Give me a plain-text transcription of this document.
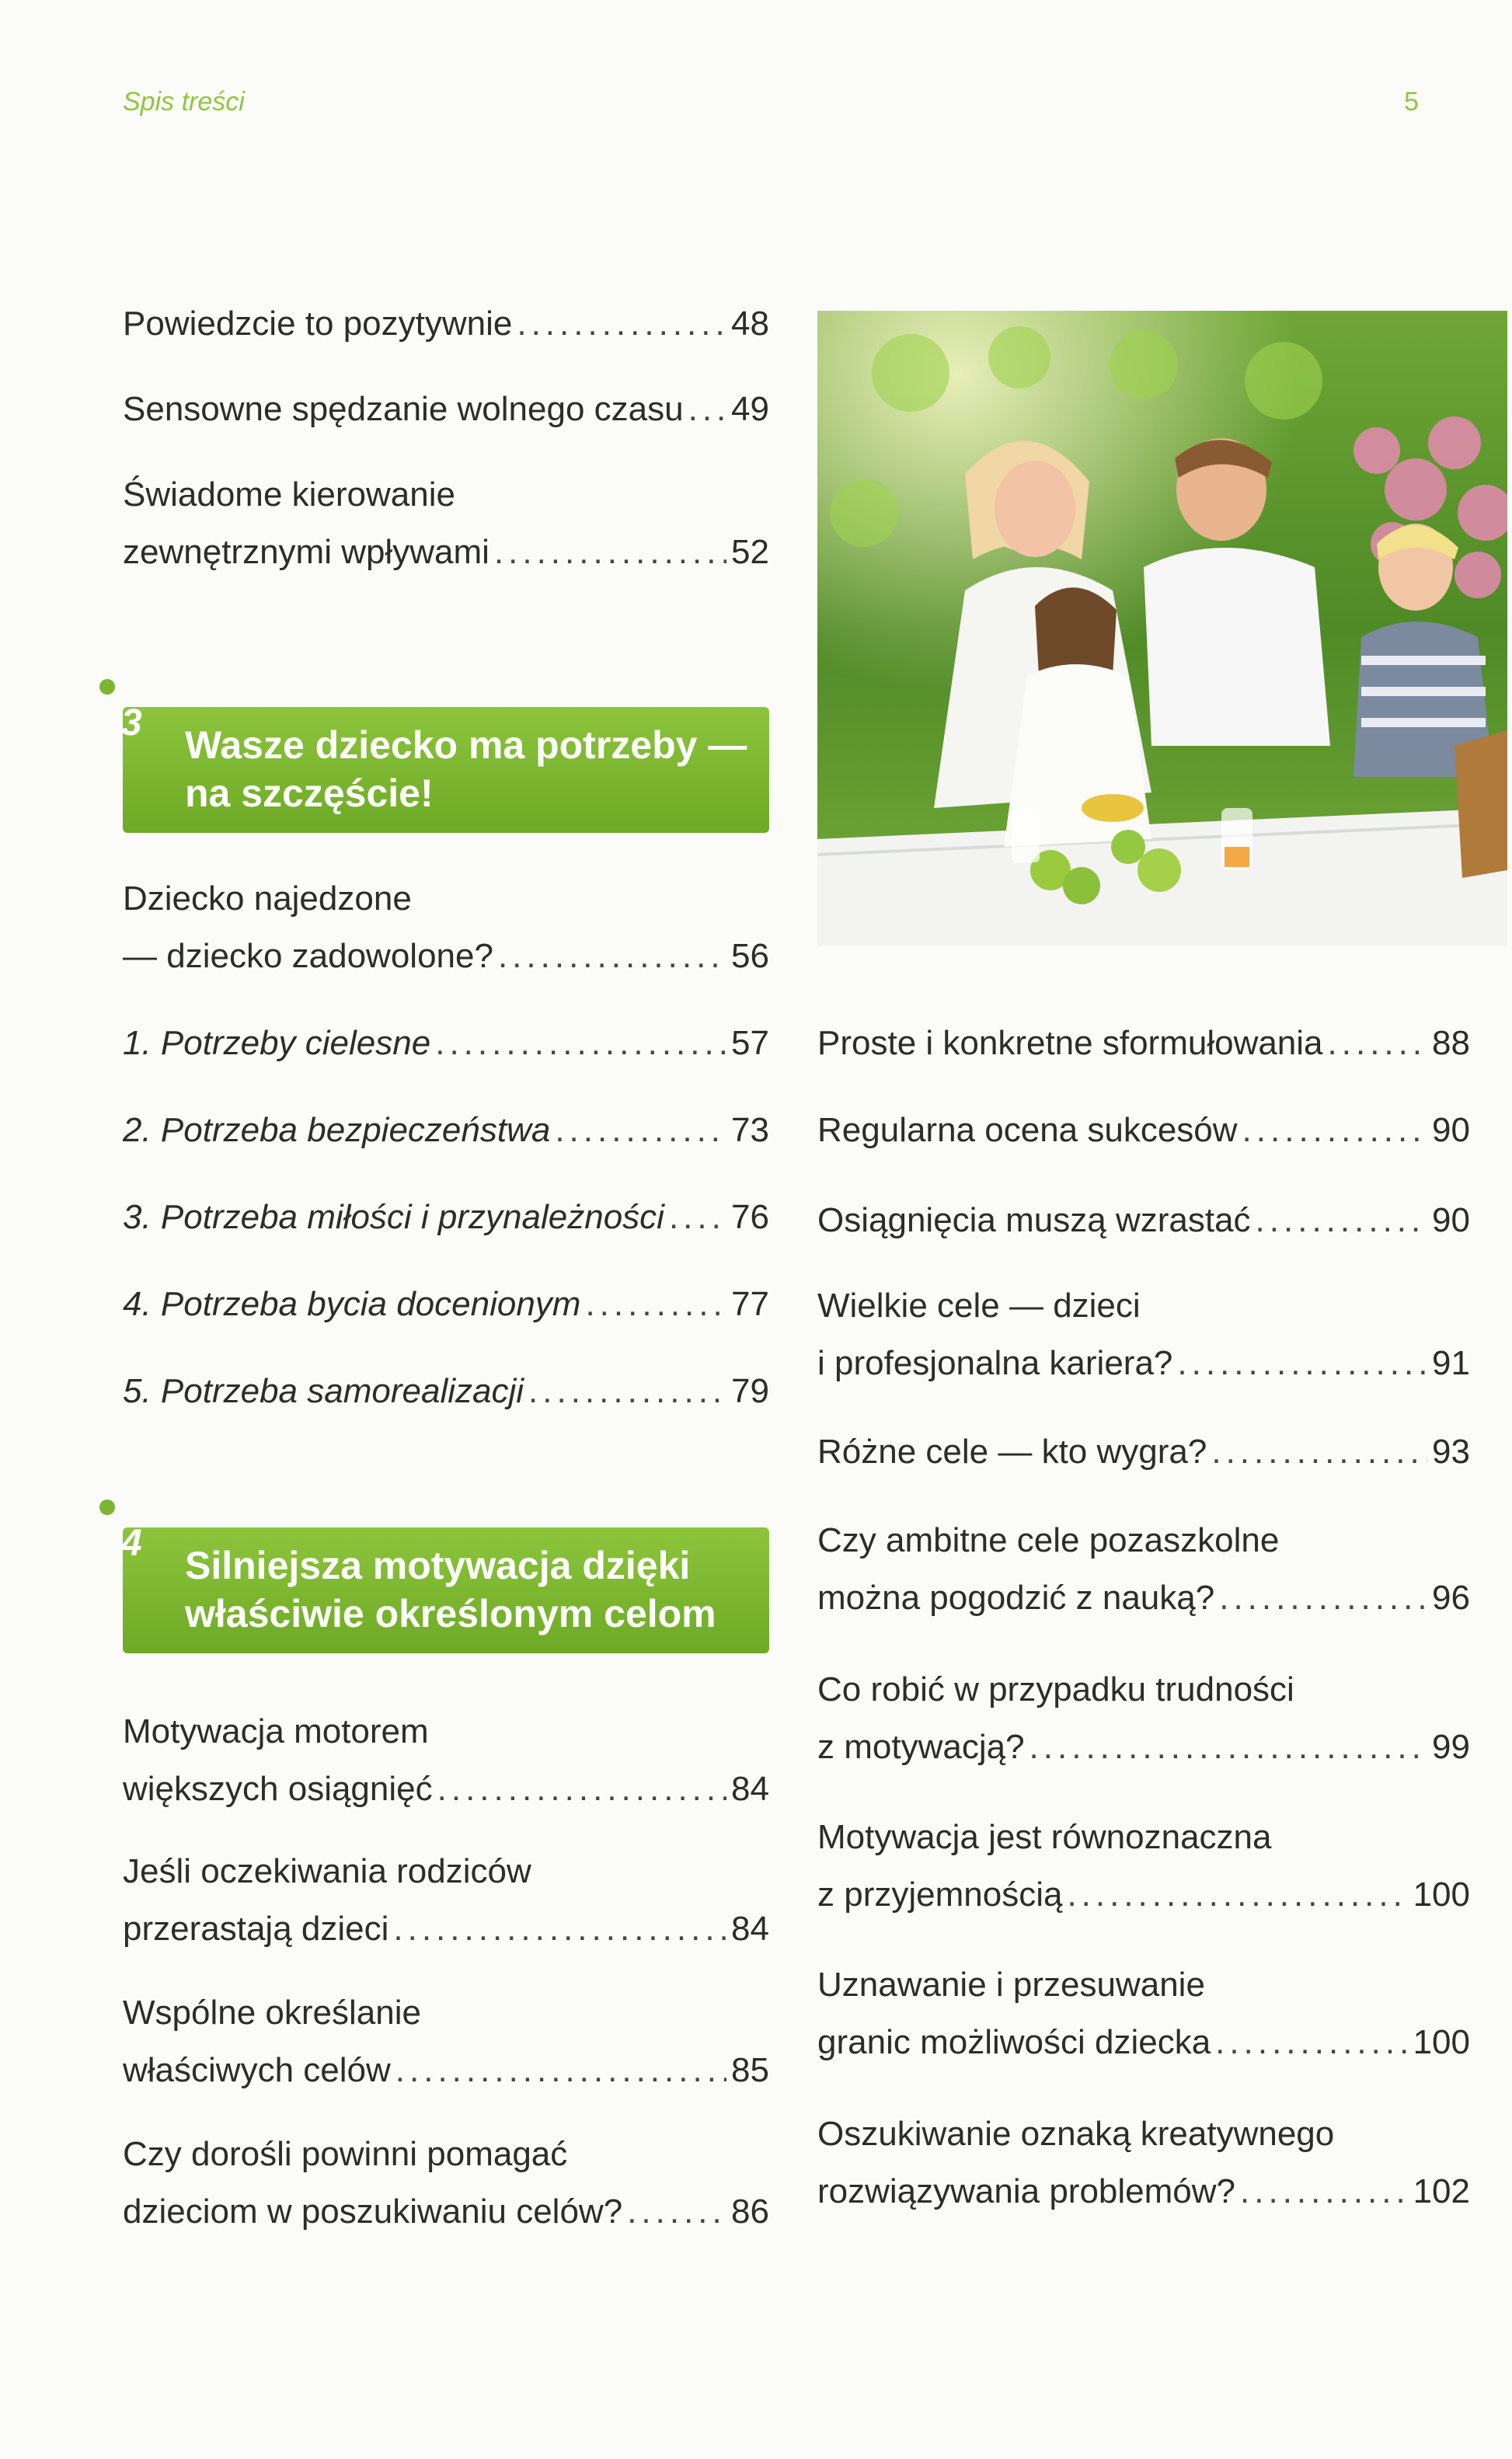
Spis treści	5
Powiedzcie to pozytywnie .....	48
Sensowne spędzanie wolnego czasu ..... 49
Świadome kierowanie
zewnętrznymi wpływami .....	52
3
Wasze dziecko ma potrzeby — na szczęście!
Dziecko najedzone
— dziecko zadowolone? .....	56
1. Potrzeby cielesne .....	57
2. Potrzeba bezpieczeństwa .....	73
3. Potrzeba miłości i przynależności ..... 76
4. Potrzeba bycia docenionym .....	77
5. Potrzeba samorealizacji .....	79
4
Silniejsza motywacja dzięki właściwie określonym celom
Motywacja motorem
większych osiągnięć .....	84
Jeśli oczekiwania rodziców
przerastają dzieci .....	84
Wspólne określanie
właściwych celów .....	85
Czy dorośli powinni pomagać
dzieciom w poszukiwaniu celów? .....	86
Proste i konkretne sformułowania .....	88
Regularna ocena sukcesów .....	90
Osiągnięcia muszą wzrastać .....	90
Wielkie cele — dzieci
i profesjonalna kariera? .....	91
Różne cele — kto wygra? .....	93
Czy ambitne cele pozaszkolne
można pogodzić z nauką? .....	96
Co robić w przypadku trudności
z motywacją? .....	99
Motywacja jest równoznaczna
z przyjemnością .....	100
Uznawanie i przesuwanie
granic możliwości dziecka .....	100
Oszukiwanie oznaką kreatywnego
rozwiązywania problemów? .....	102
